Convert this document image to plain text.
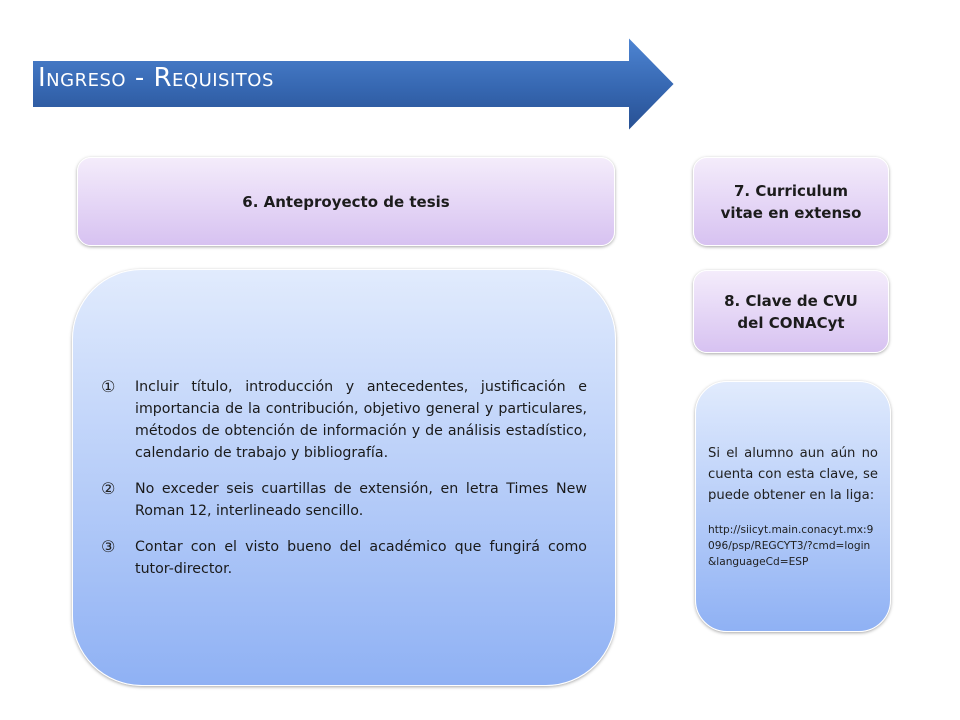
Ingreso - Requisitos
6. Anteproyecto de tesis
7. Curriculum vitae en extenso
8. Clave de CVU del CONACyt
①	Incluir título, introducción y antecedentes, justificación e importancia de la contribución, objetivo general y particulares, métodos de obtención de información y de análisis estadístico, calendario de trabajo y bibliografía.
②	No exceder seis cuartillas de extensión, en letra Times New Roman 12, interlineado sencillo.
③	Contar con el visto bueno del académico que fungirá como tutor-director.
Si el alumno aun aún no cuenta con esta clave, se puede obtener en la liga:
http://siicyt.main.conacyt.mx:9096/psp/REGCYT3/?cmd=login&languageCd=ESP
